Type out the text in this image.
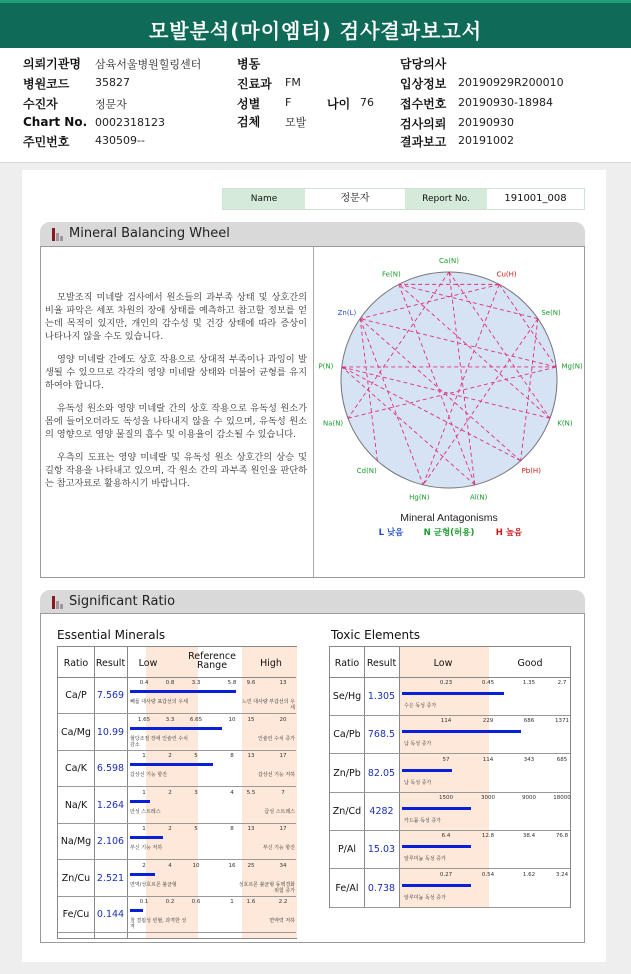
모발분석(마이엠티) 검사결과보고서
의뢰기관명 삼육서울병원힐링센터
병원코드 35827
수진자	정문자
Chart No. 0002318123
주민번호 430509--
병동
진료과 FM
성별 F
검체 모발
나이 76
담당의사
입상정보 20190929R200010
접수번호 20190930-18984
검사의뢰 20190930
결과보고 20191002
Name	정문자	Report No.	191001_008
Mineral Balancing Wheel

모발조직 미네랄 검사에서 원소들의 과부족 상태 및 상호간의 비율 파악은 세포 차원의 장애 상태를 예측하고 참고할 정보를 얻는데 목적이 있지만, 개인의 감수성 및 건강 상태에 따라 증상이 나타나지 않을 수도 있습니다.

영양 미네랄 간에도 상호 작용으로 상대적 부족이나 과잉이 발생될 수 있으므로 각각의 영양 미네랄 상태와 더불어 균형를 유지하여야 합니다.

유독성 원소와 영양 미네랄 간의 상호 작용으로 유독성 원소가 몸에 들어오더라도 독성을 나타내지 않을 수 있으며, 유독성 원소의 영향으로 영양 물질의 흡수 및 이용율이 감소될 수 있습니다.

우측의 도표는 영양 미네랄 및 유독성 원소 상호간의 상승 및 길항 작용을 나타내고 있으며, 각 원소 간의 과부족 원인을 판단하는 참고자료로 활용하시기 바랍니다.

Ca(N)
Cu(H)
Se(N)
Mg(N)
K(N)
Pb(H)
Al(N)
Hg(N)
Cd(N)
Na(N)
P(N)
Zn(L)
Fe(N)
Mineral Antagonisms
L 낮음 N 균형(허용)	H 높음
Significant Ratio
Essential Minerals	Toxic Elements
Ratio Result	Low
Reference Range	High
Ca/P	7.569
0.4	0.8	3.3	5.8 9.6	13
빼듦 대사량 표갑선의 우세	느린 대사량 부갑선의 우세
Ca/Mg 10.99
1.65	3.3	6.65	10 15	20
혈당조절 장애 인슐린 수치 감소
인슐린 수치 증가
Ca/K	6.598
1	2	5	8	13	17
갑상선 기능 항진	갑상선 기능 저하
Na/K	1.264
1	2	3	4 5.5	7
만성 스트레스	급성 스트레스
Na/Mg 2.106
1	2	5	8	13	17
부신 기능 저하	부신 기능 항진
Zn/Cu 2.521
2	4	10	16 25	34
면역/성호르몬 불균형	성호르몬 불균형 동맥경화 위험 증가
Fe/Cu 0.144
0.1	0.2	0.6	1 1.6	2.2
철 결핍성 빈혈, 과격한 성격
면역력 저하
Ratio Result	Low	Good
Se/Hg 1.305
0.23	0.45	1.35	2.7
수은 독성 증가
Ca/Pb 768.5
114	229	686	1371
납 독성 증가
Zn/Pb 82.05
57	114	343	685
납 독성 증가
Zn/Cd 4282
1500	3000	9000	18000
카드뮴 독성 증가
P/Al	15.03
6.4	12.8	38.4	76.8
알루미늄 독성 증가
Fe/Al 0.738
0.27	0.54	1.62	3.24
알루미늄 독성 증가
